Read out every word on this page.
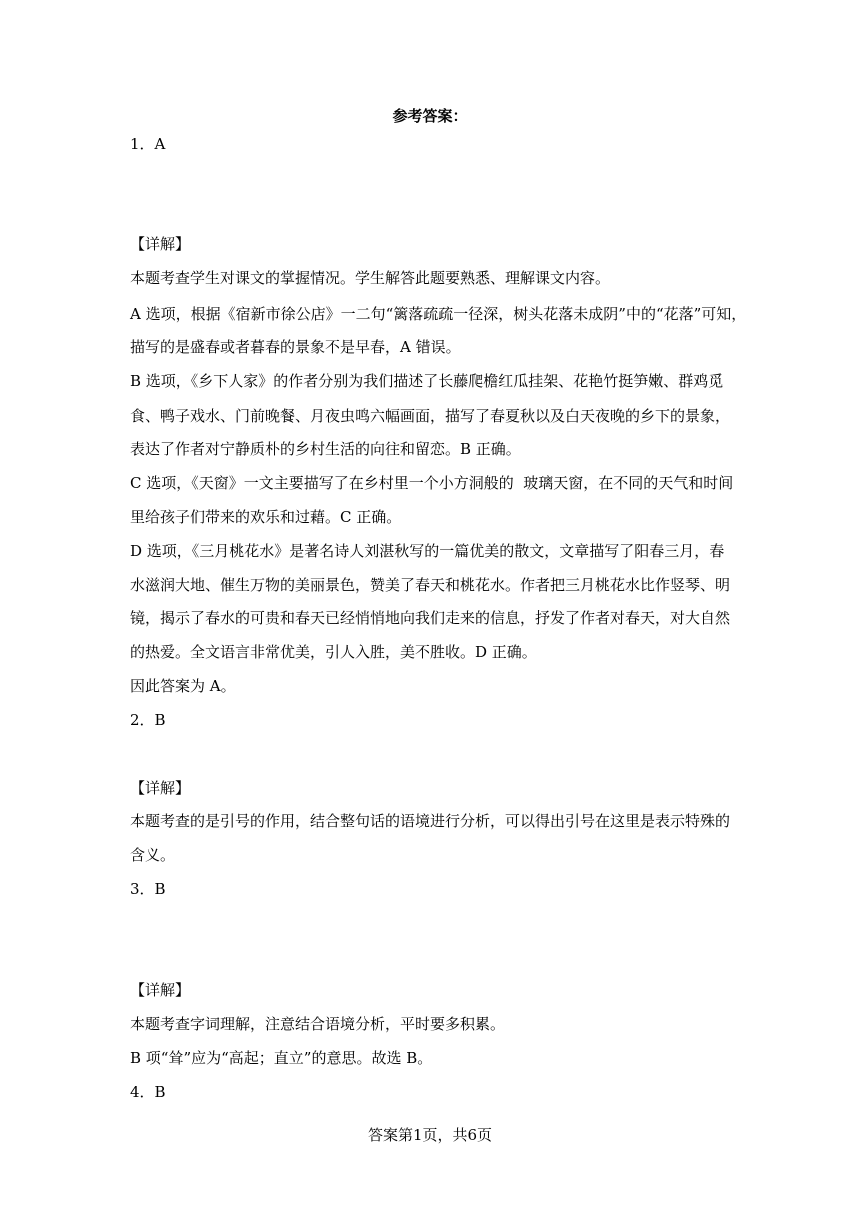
参考答案：
1．A
【详解】
本题考查学生对课文的掌握情况。学生解答此题要熟悉、理解课文内容。
A 选项，根据《宿新市徐公店》一二句“篱落疏疏一径深，树头花落未成阴”中的“花落”可知，
描写的是盛春或者暮春的景象不是早春，A 错误。
B 选项，《乡下人家》的作者分别为我们描述了长藤爬檐红瓜挂架、花艳竹挺笋嫩、群鸡觅
食、鸭子戏水、门前晚餐、月夜虫鸣六幅画面，描写了春夏秋以及白天夜晚的乡下的景象，
表达了作者对宁静质朴的乡村生活的向往和留恋。B 正确。
C 选项，《天窗》一文主要描写了在乡村里一个小方洞般的  玻璃天窗，在不同的天气和时间
里给孩子们带来的欢乐和过藉。C 正确。
D 选项，《三月桃花水》是著名诗人刘湛秋写的一篇优美的散文，文章描写了阳春三月，春
水滋润大地、催生万物的美丽景色，赞美了春天和桃花水。作者把三月桃花水比作竖琴、明
镜，揭示了春水的可贵和春天已经悄悄地向我们走来的信息，抒发了作者对春天，对大自然
的热爱。全文语言非常优美，引人入胜，美不胜收。D 正确。
因此答案为 A。
2．B
【详解】
本题考查的是引号的作用，结合整句话的语境进行分析，可以得出引号在这里是表示特殊的
含义。
3．B
【详解】
本题考查字词理解，注意结合语境分析，平时要多积累。
B 项“耸”应为“高起；直立”的意思。故选 B。
4．B
答案第1页，共6页
